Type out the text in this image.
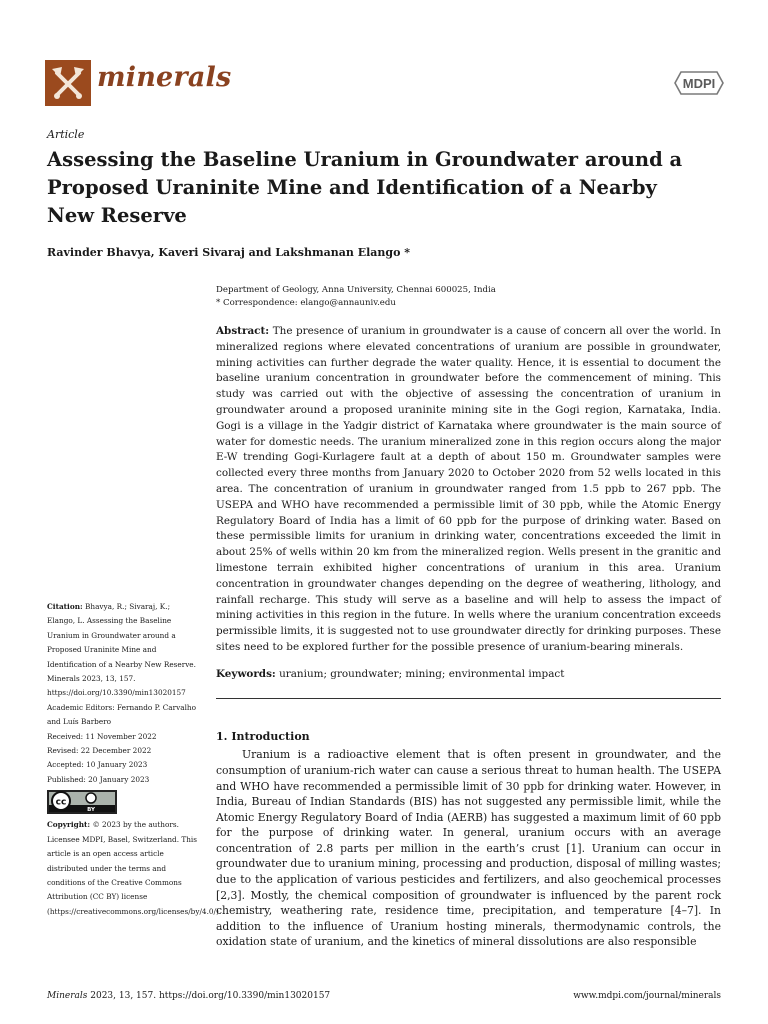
minerals	MDPI
Article
Assessing the Baseline Uranium in Groundwater around a Proposed Uraninite Mine and Identification of a Nearby New Reserve
Ravinder Bhavya, Kaveri Sivaraj and Lakshmanan Elango *
Department of Geology, Anna University, Chennai 600025, India
* Correspondence: elango@annauniv.edu

Citation: Bhavya, R.; Sivaraj, K.; Elango, L. Assessing the Baseline Uranium in Groundwater around a Proposed Uraninite Mine and Identification of a Nearby New Reserve. Minerals 2023, 13, 157. https://doi.org/10.3390/min13020157

Academic Editors: Fernando P. Carvalho and Luís Barbero

Received: 11 November 2022

Revised: 22 December 2022

Accepted: 10 January 2023

Published: 20 January 2023

cc
BY

Copyright: © 2023 by the authors. Licensee MDPI, Basel, Switzerland. This article is an open access article distributed under the terms and conditions of the Creative Commons Attribution (CC BY) license (https://creativecommons.org/licenses/by/4.0/).

Abstract: The presence of uranium in groundwater is a cause of concern all over the world. In mineralized regions where elevated concentrations of uranium are possible in groundwater, mining activities can further degrade the water quality. Hence, it is essential to document the baseline uranium concentration in groundwater before the commencement of mining. This study was carried out with the objective of assessing the concentration of uranium in groundwater around a proposed uraninite mining site in the Gogi region, Karnataka, India. Gogi is a village in the Yadgir district of Karnataka where groundwater is the main source of water for domestic needs. The uranium mineralized zone in this region occurs along the major E-W trending Gogi-Kurlagere fault at a depth of about 150 m. Groundwater samples were collected every three months from January 2020 to October 2020 from 52 wells located in this area. The concentration of uranium in groundwater ranged from 1.5 ppb to 267 ppb. The USEPA and WHO have recommended a permissible limit of 30 ppb, while the Atomic Energy Regulatory Board of India has a limit of 60 ppb for the purpose of drinking water. Based on these permissible limits for uranium in drinking water, concentrations exceeded the limit in about 25% of wells within 20 km from the mineralized region. Wells present in the granitic and limestone terrain exhibited higher concentrations of uranium in this area. Uranium concentration in groundwater changes depending on the degree of weathering, lithology, and rainfall recharge. This study will serve as a baseline and will help to assess the impact of mining activities in this region in the future. In wells where the uranium concentration exceeds permissible limits, it is suggested not to use groundwater directly for drinking purposes. These sites need to be explored further for the possible presence of uranium-bearing minerals.

Keywords: uranium; groundwater; mining; environmental impact

1. Introduction

Uranium is a radioactive element that is often present in groundwater, and the consumption of uranium-rich water can cause a serious threat to human health. The USEPA and WHO have recommended a permissible limit of 30 ppb for drinking water. However, in India, Bureau of Indian Standards (BIS) has not suggested any permissible limit, while the Atomic Energy Regulatory Board of India (AERB) has suggested a maximum limit of 60 ppb for the purpose of drinking water. In general, uranium occurs with an average concentration of 2.8 parts per million in the earth’s crust [1]. Uranium can occur in groundwater due to uranium mining, processing and production, disposal of milling wastes; due to the application of various pesticides and fertilizers, and also geochemical processes [2,3]. Mostly, the chemical composition of groundwater is influenced by the parent rock chemistry, weathering rate, residence time, precipitation, and temperature [4–7]. In addition to the influence of Uranium hosting minerals, thermodynamic controls, the oxidation state of uranium, and the kinetics of mineral dissolutions are also responsible

Minerals 2023, 13, 157. https://doi.org/10.3390/min13020157	www.mdpi.com/journal/minerals
